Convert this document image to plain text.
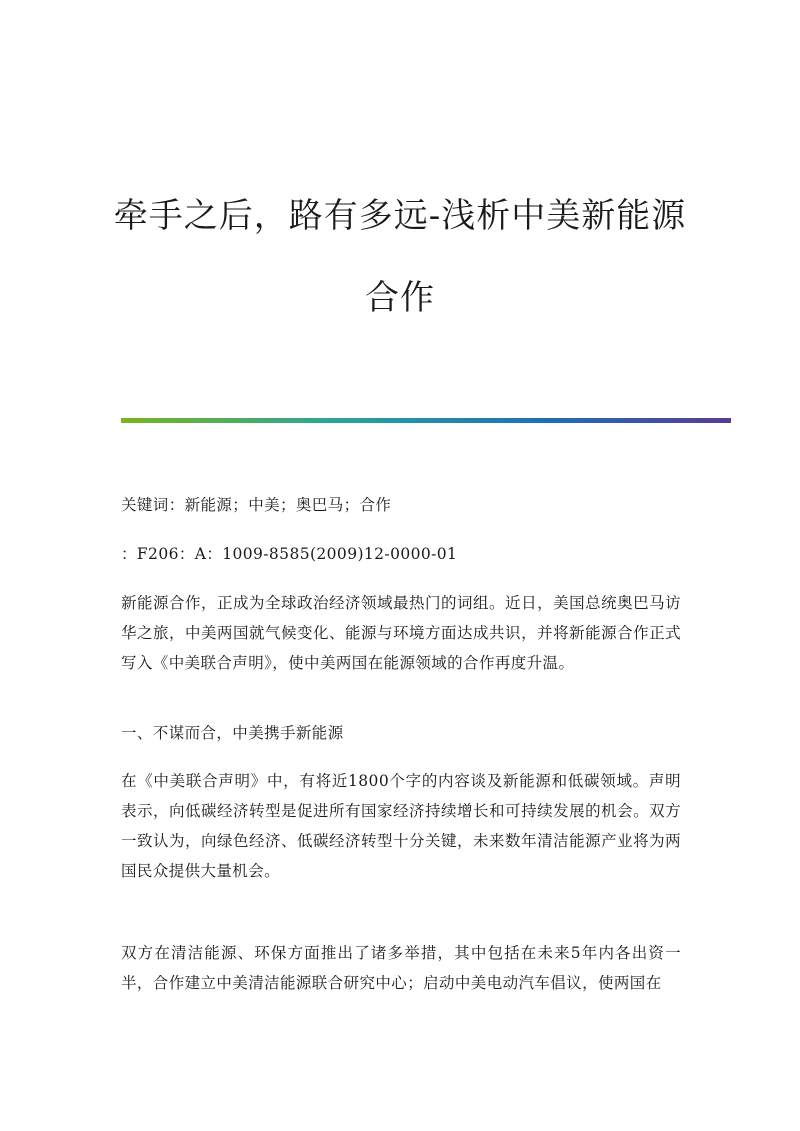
牵手之后，路有多远-浅析中美新能源
合作

关键词：新能源；中美；奥巴马；合作

：F206：A：1009-8585(2009)12-0000-01

新能源合作，正成为全球政治经济领域最热门的词组。近日，美国总统奥巴马访华之旅，中美两国就气候变化、能源与环境方面达成共识，并将新能源合作正式写入《中美联合声明》，使中美两国在能源领域的合作再度升温。

一、不谋而合，中美携手新能源

在《中美联合声明》中，有将近1800个字的内容谈及新能源和低碳领域。声明表示，向低碳经济转型是促进所有国家经济持续增长和可持续发展的机会。双方一致认为，向绿色经济、低碳经济转型十分关键，未来数年清洁能源产业将为两国民众提供大量机会。

双方在清洁能源、环保方面推出了诸多举措，其中包括在未来5年内各出资一半，合作建立中美清洁能源联合研究中心；启动中美电动汽车倡议，使两国在
